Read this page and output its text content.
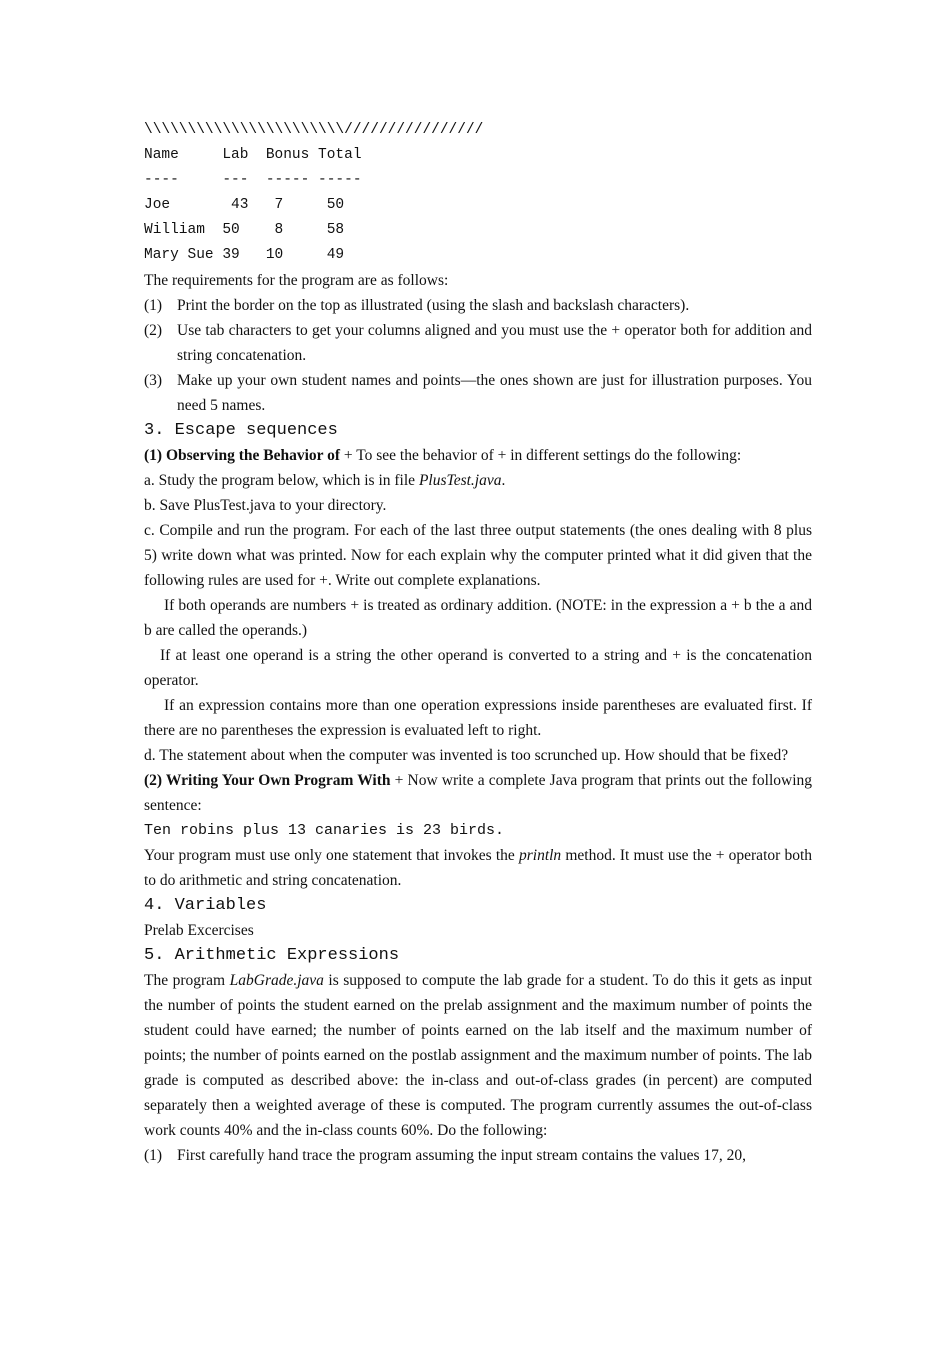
\\\\\\\\\\\\\\\\\\\\\\\////////////////
Name     Lab  Bonus Total
----     ---  ----- -----
Joe       43   7     50
William  50    8     58
Mary Sue 39   10     49
The requirements for the program are as follows:
(1) Print the border on the top as illustrated (using the slash and backslash characters).
(2) Use tab characters to get your columns aligned and you must use the + operator both for addition and string concatenation.
(3) Make up your own student names and points—the ones shown are just for illustration purposes. You need 5 names.
3. Escape sequences
(1) Observing the Behavior of + To see the behavior of + in different settings do the following:
a. Study the program below, which is in file PlusTest.java.
b. Save PlusTest.java to your directory.
c. Compile and run the program. For each of the last three output statements (the ones dealing with 8 plus 5) write down what was printed. Now for each explain why the computer printed what it did given that the following rules are used for +. Write out complete explanations.
If both operands are numbers + is treated as ordinary addition. (NOTE: in the expression a + b the a and b are called the operands.)
If at least one operand is a string the other operand is converted to a string and + is the concatenation operator.
If an expression contains more than one operation expressions inside parentheses are evaluated first. If there are no parentheses the expression is evaluated left to right.
d. The statement about when the computer was invented is too scrunched up. How should that be fixed?
(2) Writing Your Own Program With + Now write a complete Java program that prints out the following sentence:
Ten robins plus 13 canaries is 23 birds.
Your program must use only one statement that invokes the println method. It must use the + operator both to do arithmetic and string concatenation.
4. Variables
Prelab Excercises
5. Arithmetic Expressions
The program LabGrade.java is supposed to compute the lab grade for a student. To do this it gets as input the number of points the student earned on the prelab assignment and the maximum number of points the student could have earned; the number of points earned on the lab itself and the maximum number of points; the number of points earned on the postlab assignment and the maximum number of points. The lab grade is computed as described above: the in-class and out-of-class grades (in percent) are computed separately then a weighted average of these is computed. The program currently assumes the out-of-class work counts 40% and the in-class counts 60%. Do the following:
(1) First carefully hand trace the program assuming the input stream contains the values 17, 20,
